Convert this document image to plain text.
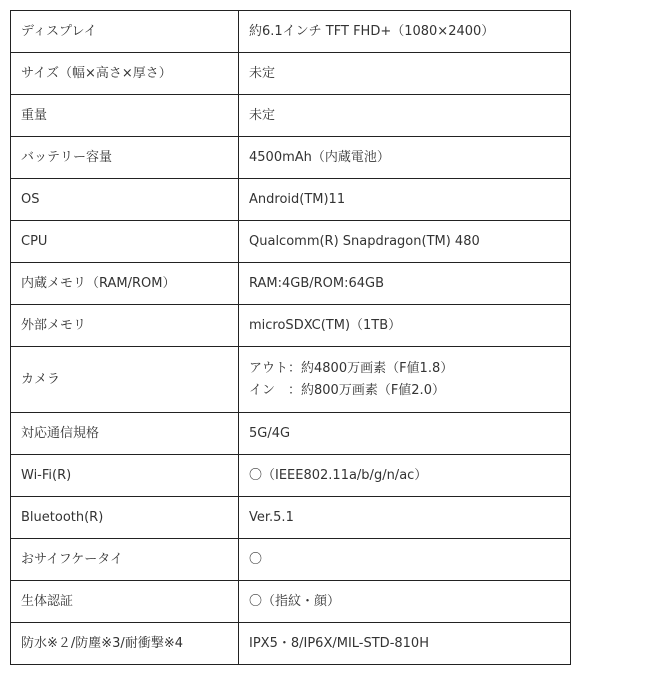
ディスプレイ	約6.1インチ TFT FHD+（1080×2400）
サイズ（幅×高さ×厚さ）	未定
重量	未定
バッテリー容量	4500mAh（内蔵電池）
OS	Android(TM)11
CPU	Qualcomm(R) Snapdragon(TM) 480
内蔵メモリ（RAM/ROM）	RAM:4GB/ROM:64GB
外部メモリ	microSDXC(TM)（1TB）
カメラ	アウト：約4800万画素（F値1.8）
イン　：約800万画素（F値2.0）

対応通信規格	5G/4G
Wi-Fi(R)	〇（IEEE802.11a/b/g/n/ac）
Bluetooth(R)	Ver.5.1
おサイフケータイ	〇
生体認証	〇（指紋・顔）
防水※２/防塵※3/耐衝撃※4	IPX5・8/IP6X/MIL-STD-810H
